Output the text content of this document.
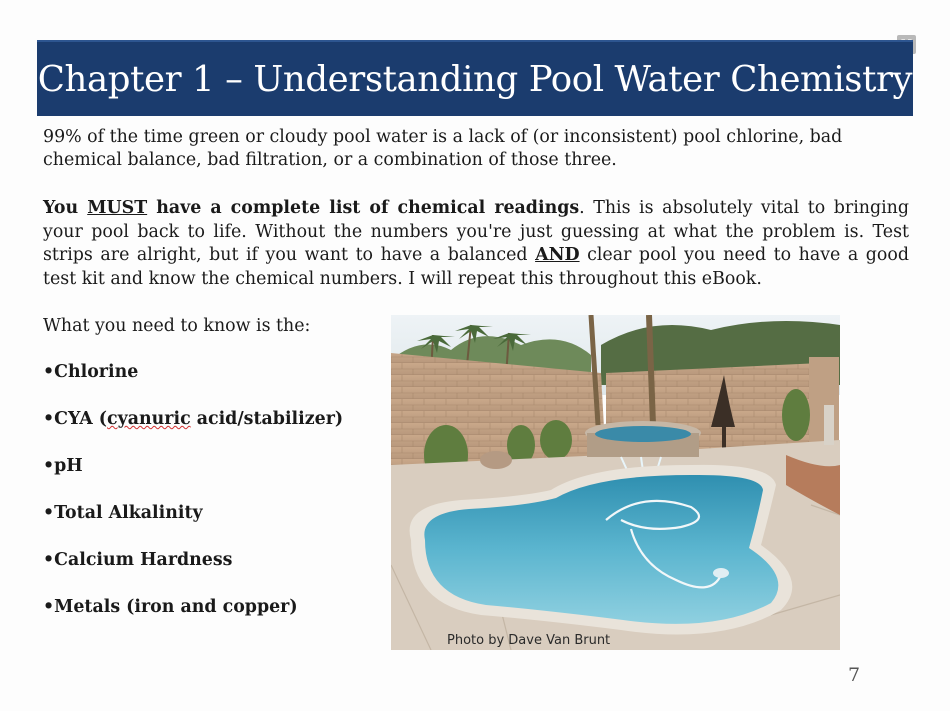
Chapter 1 – Understanding Pool Water Chemistry

99% of the time green or cloudy pool water is a lack of (or inconsistent) pool chlorine, bad chemical balance, bad filtration, or a combination of those three.

You MUST have a complete list of chemical readings. This is absolutely vital to bringing your pool back to life. Without the numbers you're just guessing at what the problem is. Test strips are alright, but if you want to have a balanced AND clear pool you need to have a good test kit and know the chemical numbers. I will repeat this throughout this eBook.

What you need to know is the:

•Chlorine
•CYA (cyanuric acid/stabilizer)
•pH
•Total Alkalinity
•Calcium Hardness
•Metals (iron and copper)
Photo by Dave Van Brunt
7
